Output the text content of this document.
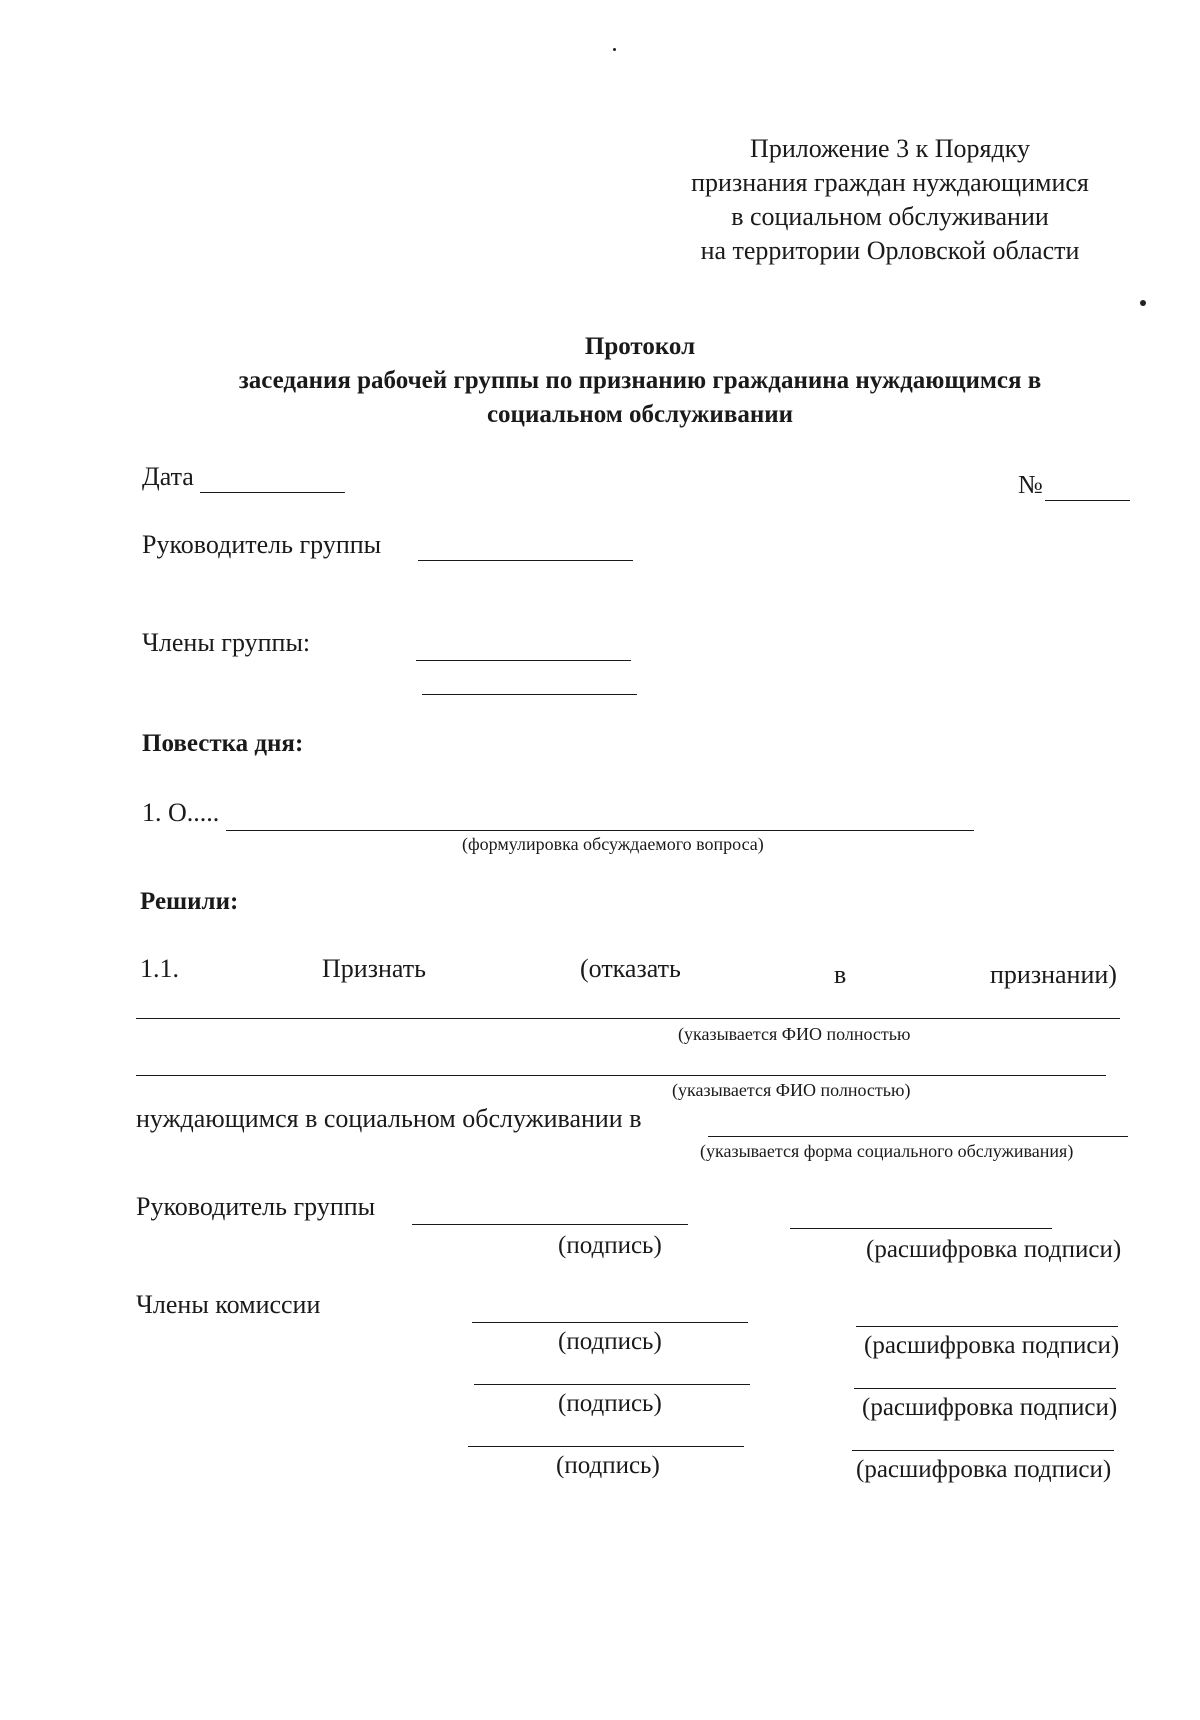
Приложение 3 к Порядку
признания граждан нуждающимися
в социальном обслуживании
на территории Орловской области
Протокол
заседания рабочей группы по признанию гражданина нуждающимся в
социальном обслуживании
Дата	№
Руководитель группы
Члены группы:
Повестка дня:
1. О.....
(формулировка обсуждаемого вопроса)
Решили:
1.1.	Признать	(отказать	в	признании)
(указывается ФИО полностью
(указывается ФИО полностью)
нуждающимся в социальном обслуживании в
(указывается форма социального обслуживания)
Руководитель группы
(подпись)	(расшифровка подписи)
Члены комиссии
(подпись)	(расшифровка подписи)
(подпись)	(расшифровка подписи)
(подпись)	(расшифровка подписи)
